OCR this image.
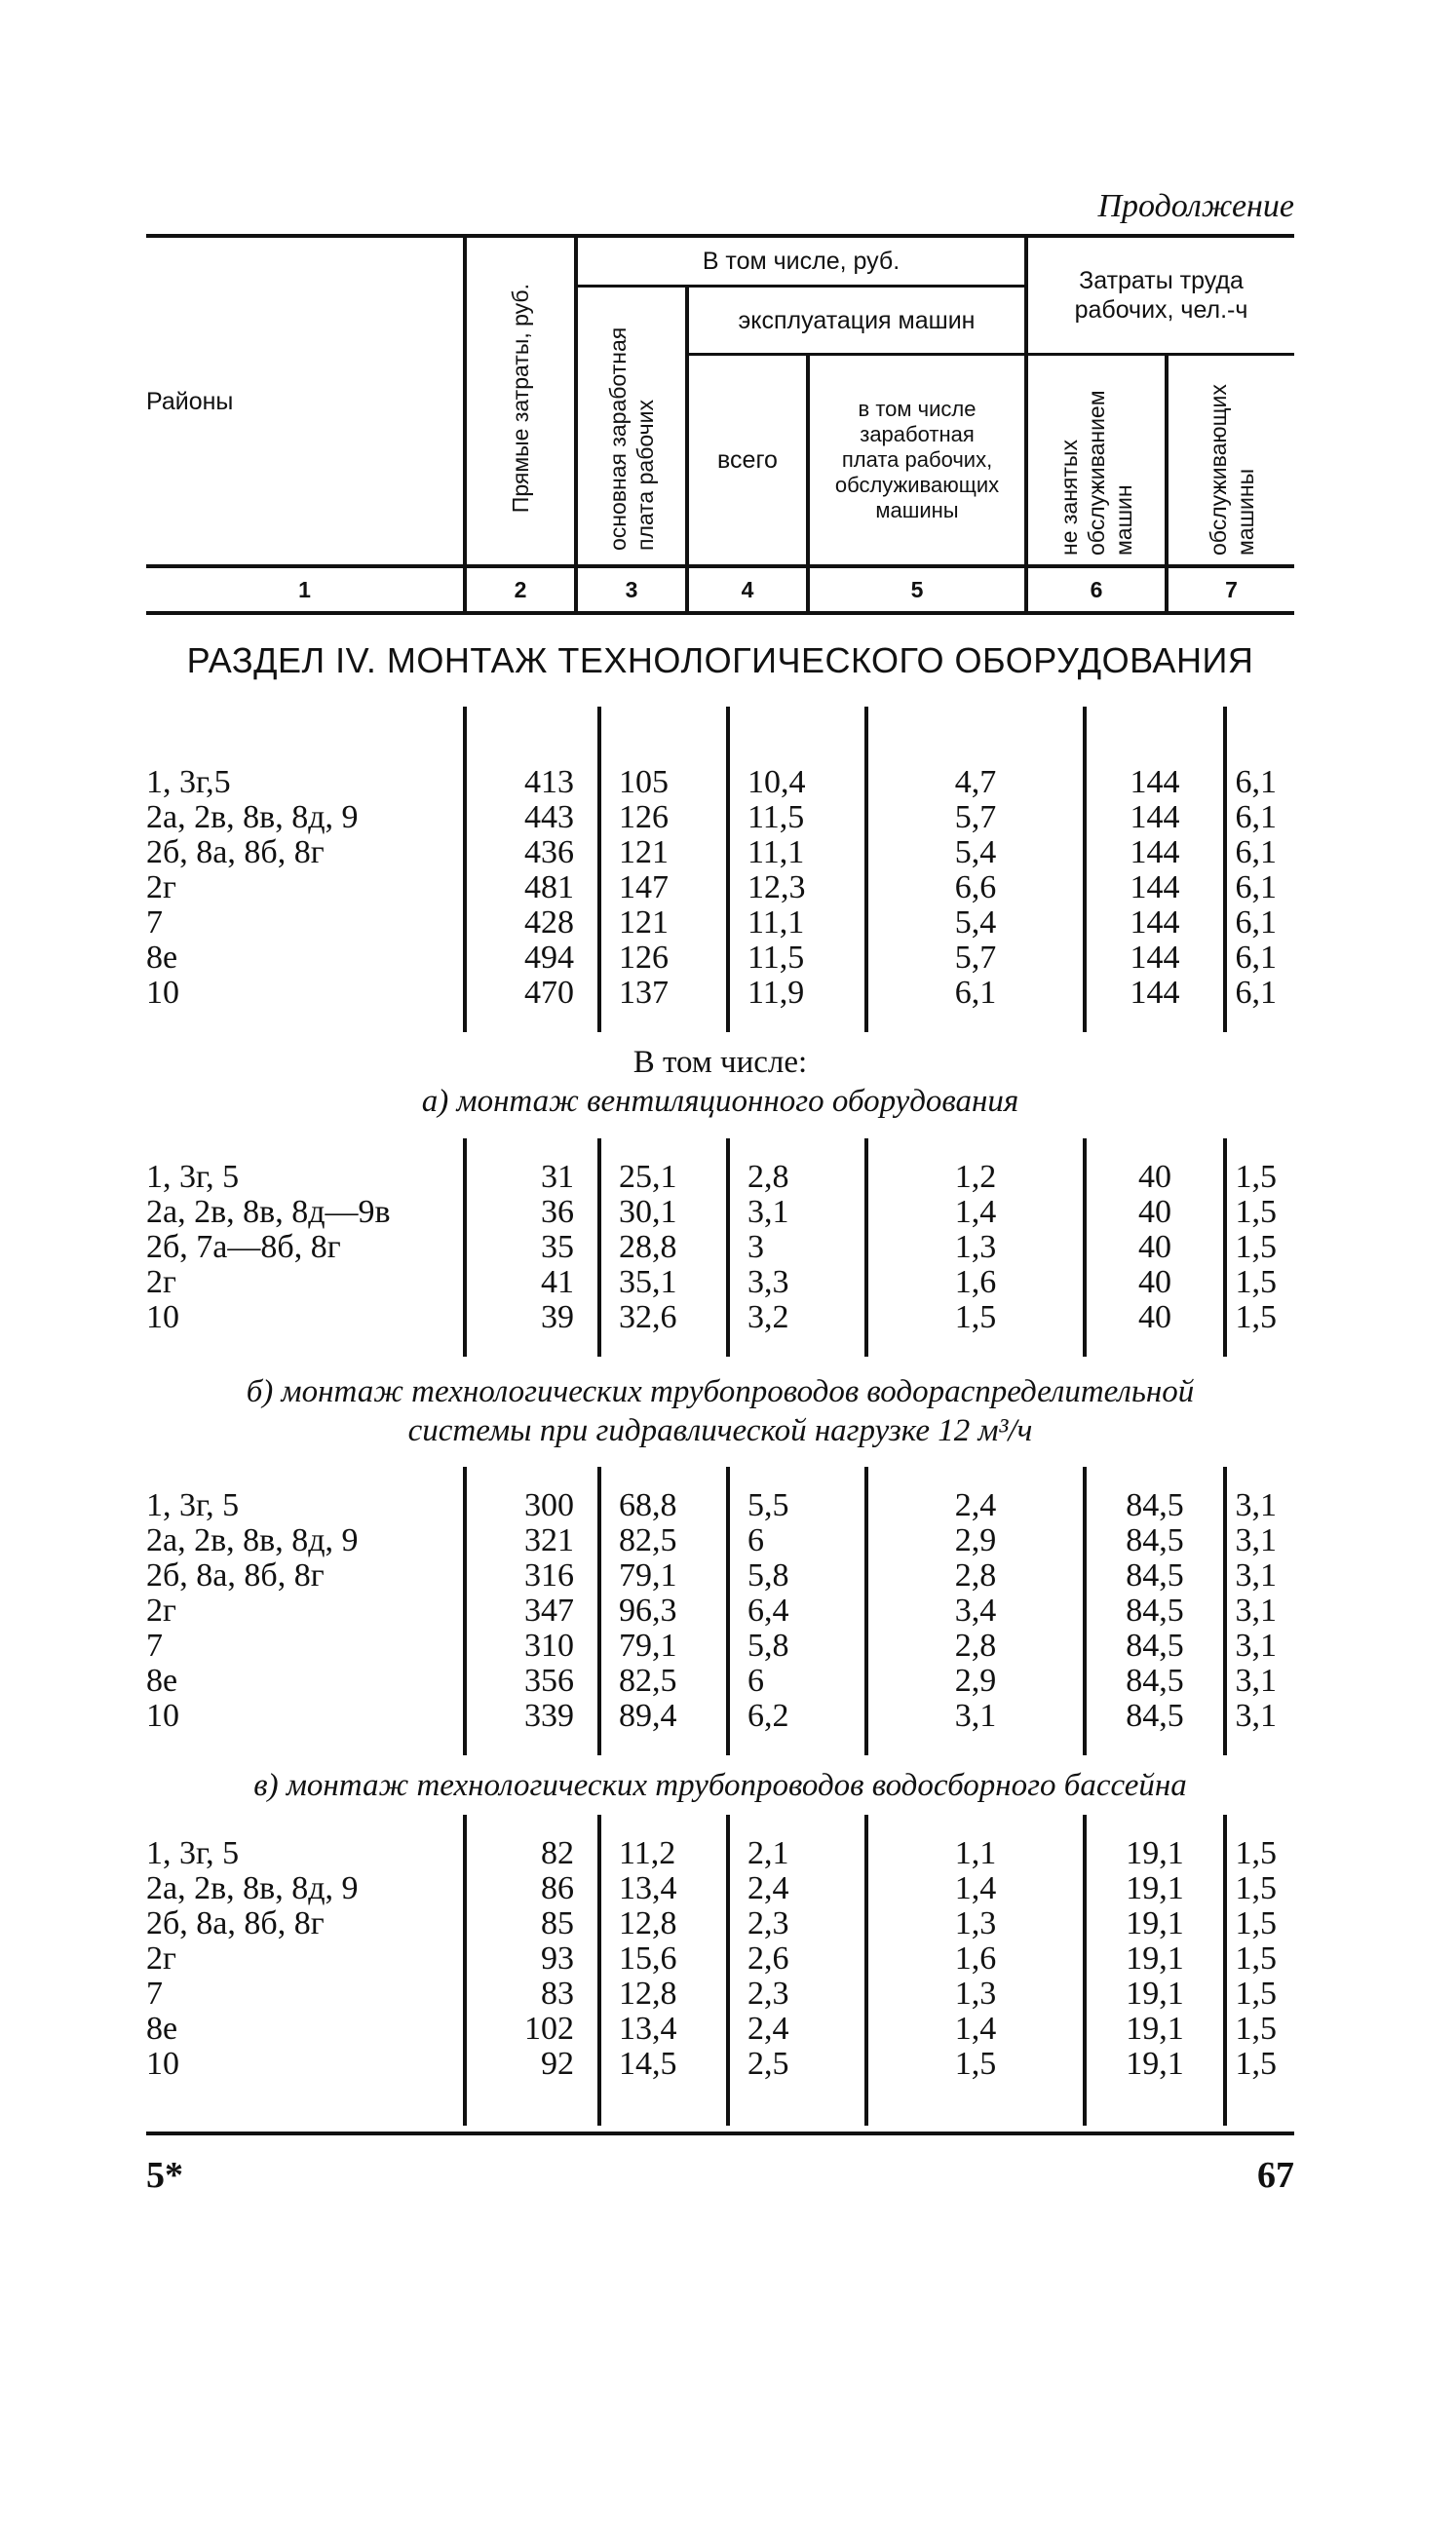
Продолжение
Районы	Прямые затраты, руб.	В том числе, руб.			Затраты труда рабочих, чел.-ч	
		основная заработная плата рабочих	эксплуатация машин			
			всего	в том числе заработная плата рабочих, обслуживающих машины	не занятых обслуживанием машин	обслуживающих машины
1	2	3	4	5	6	7
РАЗДЕЛ IV. МОНТАЖ ТЕХНОЛОГИЧЕСКОГО ОБОРУДОВАНИЯ

1, 3г,5	413	105	10,4	4,7	144	6,1
2а, 2в, 8в, 8д, 9	443	126	11,5	5,7	144	6,1
2б, 8а, 8б, 8г	436	121	11,1	5,4	144	6,1
2г	481	147	12,3	6,6	144	6,1
7	428	121	11,1	5,4	144	6,1
8е	494	126	11,5	5,7	144	6,1
10	470	137	11,9	6,1	144	6,1

В том числе:
а) монтаж вентиляционного оборудования

1, 3г, 5	31	25,1	2,8	1,2	40	1,5
2а, 2в, 8в, 8д—9в	36	30,1	3,1	1,4	40	1,5
2б, 7а—8б, 8г	35	28,8	3	1,3	40	1,5
2г	41	35,1	3,3	1,6	40	1,5
10	39	32,6	3,2	1,5	40	1,5

б) монтаж технологических трубопроводов водораспределительной
системы при гидравлической нагрузке 12 м³/ч

1, 3г, 5	300	68,8	5,5	2,4	84,5	3,1
2а, 2в, 8в, 8д, 9	321	82,5	6	2,9	84,5	3,1
2б, 8а, 8б, 8г	316	79,1	5,8	2,8	84,5	3,1
2г	347	96,3	6,4	3,4	84,5	3,1
7	310	79,1	5,8	2,8	84,5	3,1
8е	356	82,5	6	2,9	84,5	3,1
10	339	89,4	6,2	3,1	84,5	3,1

в) монтаж технологических трубопроводов водосборного бассейна

1, 3г, 5	82	11,2	2,1	1,1	19,1	1,5
2а, 2в, 8в, 8д, 9	86	13,4	2,4	1,4	19,1	1,5
2б, 8а, 8б, 8г	85	12,8	2,3	1,3	19,1	1,5
2г	93	15,6	2,6	1,6	19,1	1,5
7	83	12,8	2,3	1,3	19,1	1,5
8е	102	13,4	2,4	1,4	19,1	1,5
10	92	14,5	2,5	1,5	19,1	1,5

5*	67
